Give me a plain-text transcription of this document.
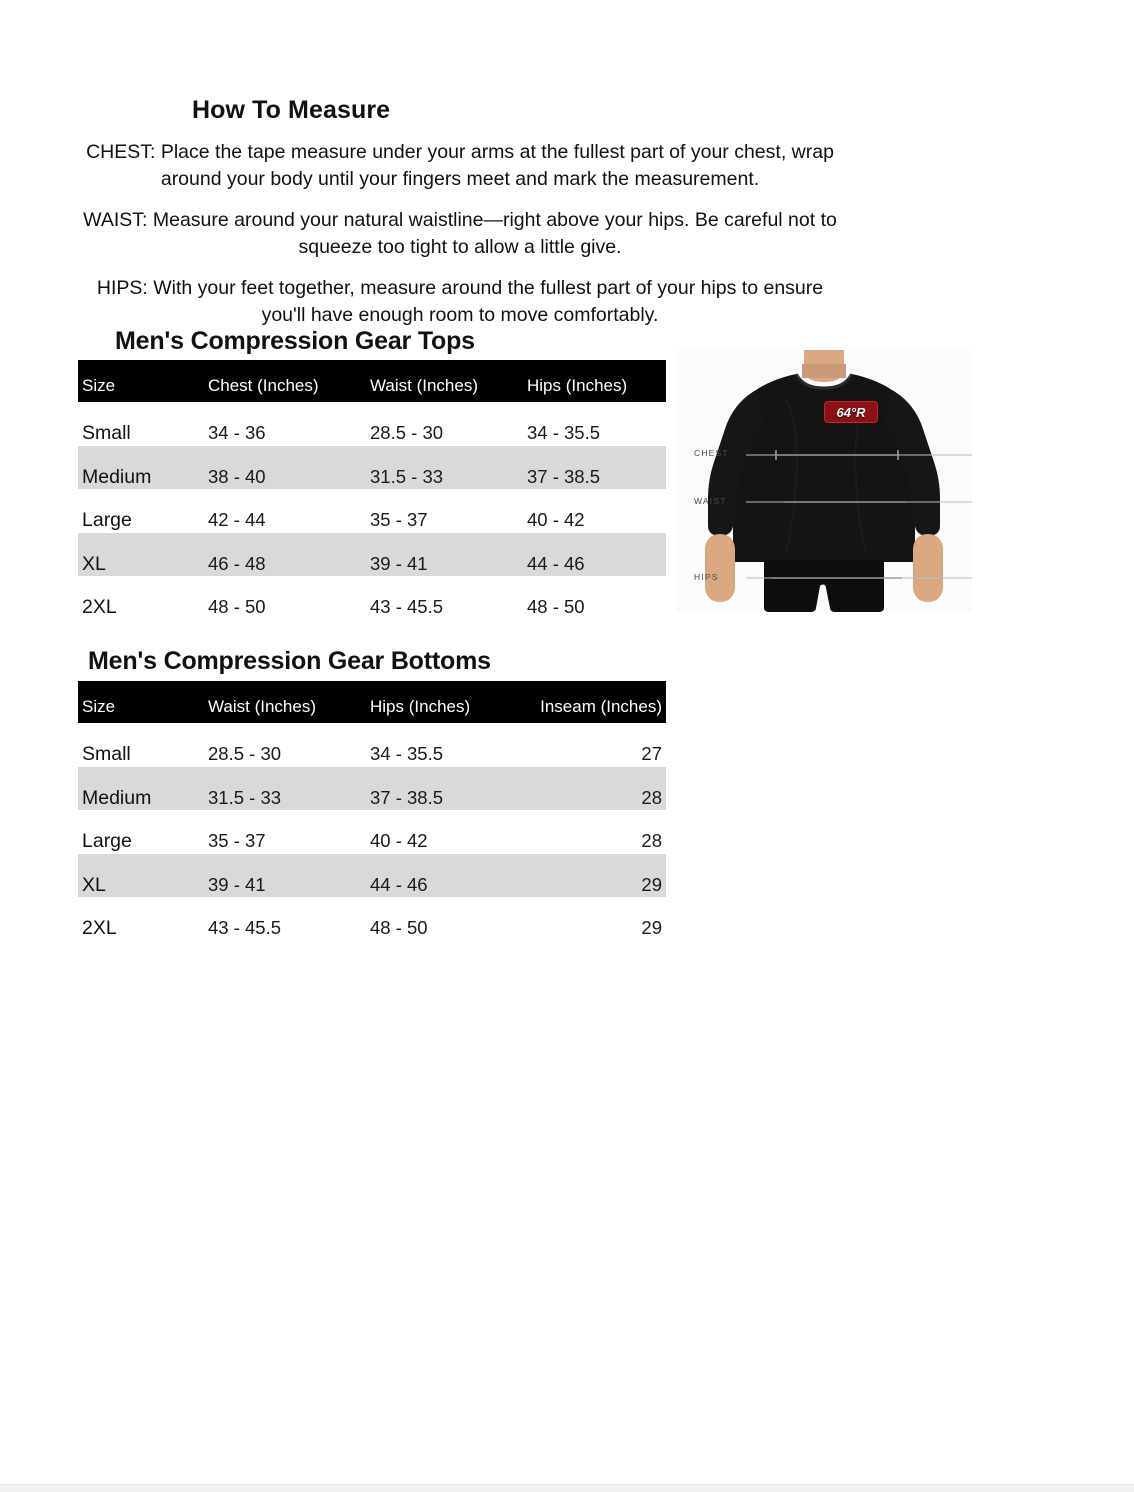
How To Measure

CHEST: Place the tape measure under your arms at the fullest part of your chest, wrap around your body until your fingers meet and mark the measurement.

WAIST: Measure around your natural waistline—right above your hips. Be careful not to squeeze too tight to allow a little give.

HIPS: With your feet together, measure around the fullest part of your hips to ensure you'll have enough room to move comfortably.

Men's Compression Gear Tops
Size	Chest (Inches)	Waist (Inches)	Hips (Inches)
Small	34 - 36	28.5 - 30	34 - 35.5
Medium	38 - 40	31.5 - 33	37 - 38.5
Large	42 - 44	35 - 37	40 - 42
XL	46 - 48	39 - 41	44 - 46
2XL	48 - 50	43 - 45.5	48 - 50
CHEST
WAIST
HIPS
64°R
Men's Compression Gear Bottoms
Size	Waist (Inches)	Hips (Inches)	Inseam (Inches)
Small	28.5 - 30	34 - 35.5	27
Medium	31.5 - 33	37 - 38.5	28
Large	35 - 37	40 - 42	28
XL	39 - 41	44 - 46	29
2XL	43 - 45.5	48 - 50	29
